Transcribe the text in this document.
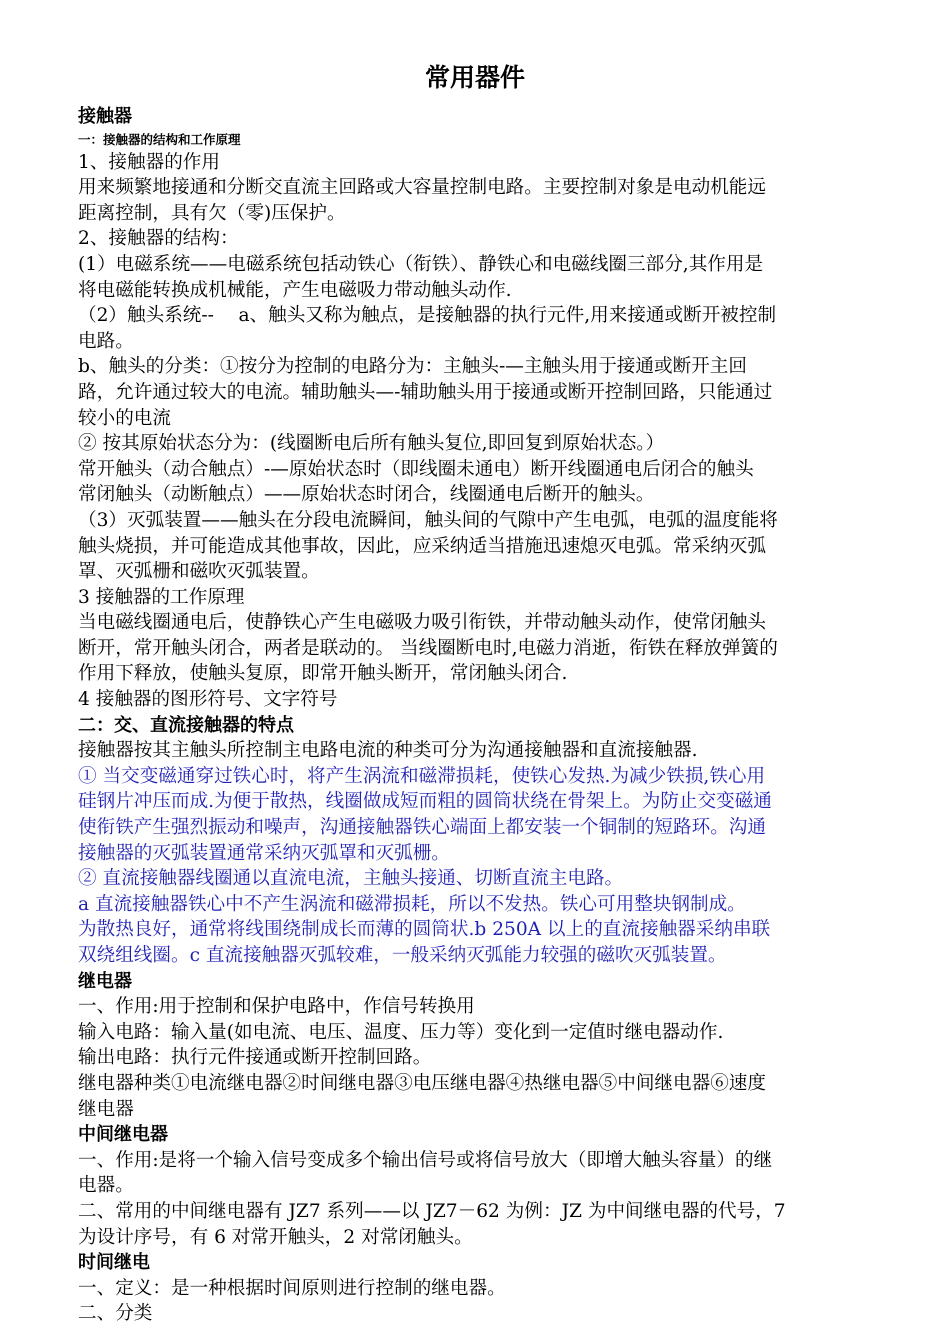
常用器件

接触器

一：接触器的结构和工作原理

1、接触器的作用

用来频繁地接通和分断交直流主回路或大容量控制电路。主要控制对象是电动机能远

距离控制，具有欠（零)压保护。

2、接触器的结构：

(1）电磁系统——电磁系统包括动铁心（衔铁）、静铁心和电磁线圈三部分,其作用是

将电磁能转换成机械能，产生电磁吸力带动触头动作.

（2）触头系统--　 a、触头又称为触点，是接触器的执行元件,用来接通或断开被控制

电路。

b、触头的分类：①按分为控制的电路分为：主触头-—主触头用于接通或断开主回

路，允许通过较大的电流。辅助触头—-辅助触头用于接通或断开控制回路，只能通过

较小的电流

② 按其原始状态分为：(线圈断电后所有触头复位,即回复到原始状态。）

常开触头（动合触点）-—原始状态时（即线圈未通电）断开线圈通电后闭合的触头

常闭触头（动断触点）——原始状态时闭合，线圈通电后断开的触头。

（3）灭弧装置——触头在分段电流瞬间，触头间的气隙中产生电弧，电弧的温度能将

触头烧损，并可能造成其他事故，因此，应采纳适当措施迅速熄灭电弧。常采纳灭弧

罩、灭弧栅和磁吹灭弧装置。

3 接触器的工作原理

当电磁线圈通电后，使静铁心产生电磁吸力吸引衔铁，并带动触头动作，使常闭触头

断开，常开触头闭合，两者是联动的。 当线圈断电时,电磁力消逝，衔铁在释放弹簧的

作用下释放，使触头复原，即常开触头断开，常闭触头闭合.

4 接触器的图形符号、文字符号

二：交、直流接触器的特点

接触器按其主触头所控制主电路电流的种类可分为沟通接触器和直流接触器.

① 当交变磁通穿过铁心时，将产生涡流和磁滞损耗，使铁心发热.为减少铁损,铁心用

硅钢片冲压而成.为便于散热，线圈做成短而粗的圆筒状绕在骨架上。为防止交变磁通

使衔铁产生强烈振动和噪声，沟通接触器铁心端面上都安装一个铜制的短路环。沟通

接触器的灭弧装置通常采纳灭弧罩和灭弧栅。

② 直流接触器线圈通以直流电流，主触头接通、切断直流主电路。

a 直流接触器铁心中不产生涡流和磁滞损耗，所以不发热。铁心可用整块钢制成。

为散热良好，通常将线围绕制成长而薄的圆筒状.b 250A 以上的直流接触器采纳串联

双绕组线圈。c 直流接触器灭弧较难，一般采纳灭弧能力较强的磁吹灭弧装置。

继电器

一、作用:用于控制和保护电路中，作信号转换用

输入电路：输入量(如电流、电压、温度、压力等）变化到一定值时继电器动作.

输出电路：执行元件接通或断开控制回路。

继电器种类①电流继电器②时间继电器③电压继电器④热继电器⑤中间继电器⑥速度

继电器

中间继电器

一、作用:是将一个输入信号变成多个输出信号或将信号放大（即增大触头容量）的继

电器。

二、常用的中间继电器有 JZ7 系列——以 JZ7－62 为例：JZ 为中间继电器的代号，7

为设计序号，有 6 对常开触头，2 对常闭触头。

时间继电

一、定义：是一种根据时间原则进行控制的继电器。

二、分类
